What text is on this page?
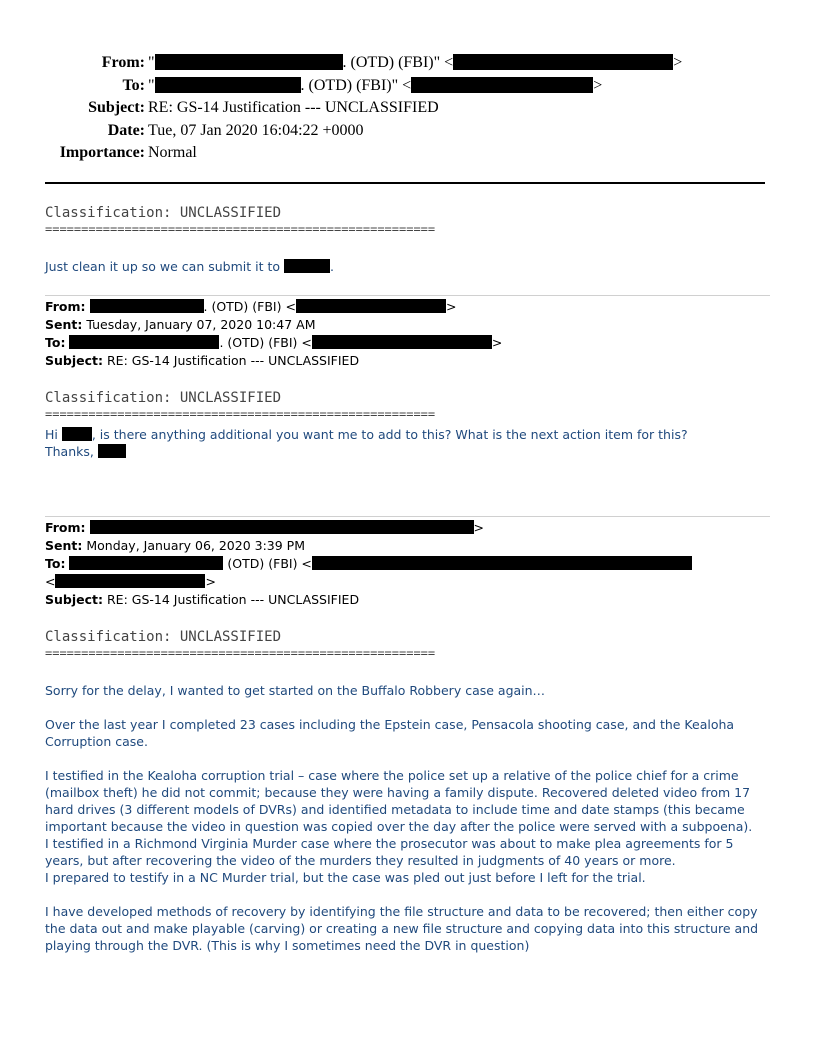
From: "	. (OTD) (FBI)" <	>
To: "	. (OTD) (FBI)" <	>
Subject: RE: GS-14 Justification --- UNCLASSIFIED
Date: Tue, 07 Jan 2020 16:04:22 +0000
Importance: Normal
Classification: UNCLASSIFIED
======================================================
Just clean it up so we can submit it to	.
From:	. (OTD) (FBI) <	>
Sent: Tuesday, January 07, 2020 10:47 AM
To:	. (OTD) (FBI) <	>
Subject: RE: GS-14 Justification --- UNCLASSIFIED
Classification: UNCLASSIFIED
======================================================
Hi , is there anything additional you want me to add to this? What is the next action item for this?
Thanks,
From:	>
Sent: Monday, January 06, 2020 3:39 PM
To:	(OTD) (FBI) <
<	>
Subject: RE: GS-14 Justification --- UNCLASSIFIED
Classification: UNCLASSIFIED
======================================================
Sorry for the delay, I wanted to get started on the Buffalo Robbery case again…
Over the last year I completed 23 cases including the Epstein case, Pensacola shooting case, and the Kealoha Corruption case.
I testified in the Kealoha corruption trial – case where the police set up a relative of the police chief for a crime (mailbox theft) he did not commit; because they were having a family dispute. Recovered deleted video from 17 hard drives (3 different models of DVRs) and identified metadata to include time and date stamps (this became important because the video in question was copied over the day after the police were served with a subpoena).
I testified in a Richmond Virginia Murder case where the prosecutor was about to make plea agreements for 5 years, but after recovering the video of the murders they resulted in judgments of 40 years or more.
I prepared to testify in a NC Murder trial, but the case was pled out just before I left for the trial.
I have developed methods of recovery by identifying the file structure and data to be recovered; then either copy the data out and make playable (carving) or creating a new file structure and copying data into this structure and playing through the DVR. (This is why I sometimes need the DVR in question)
